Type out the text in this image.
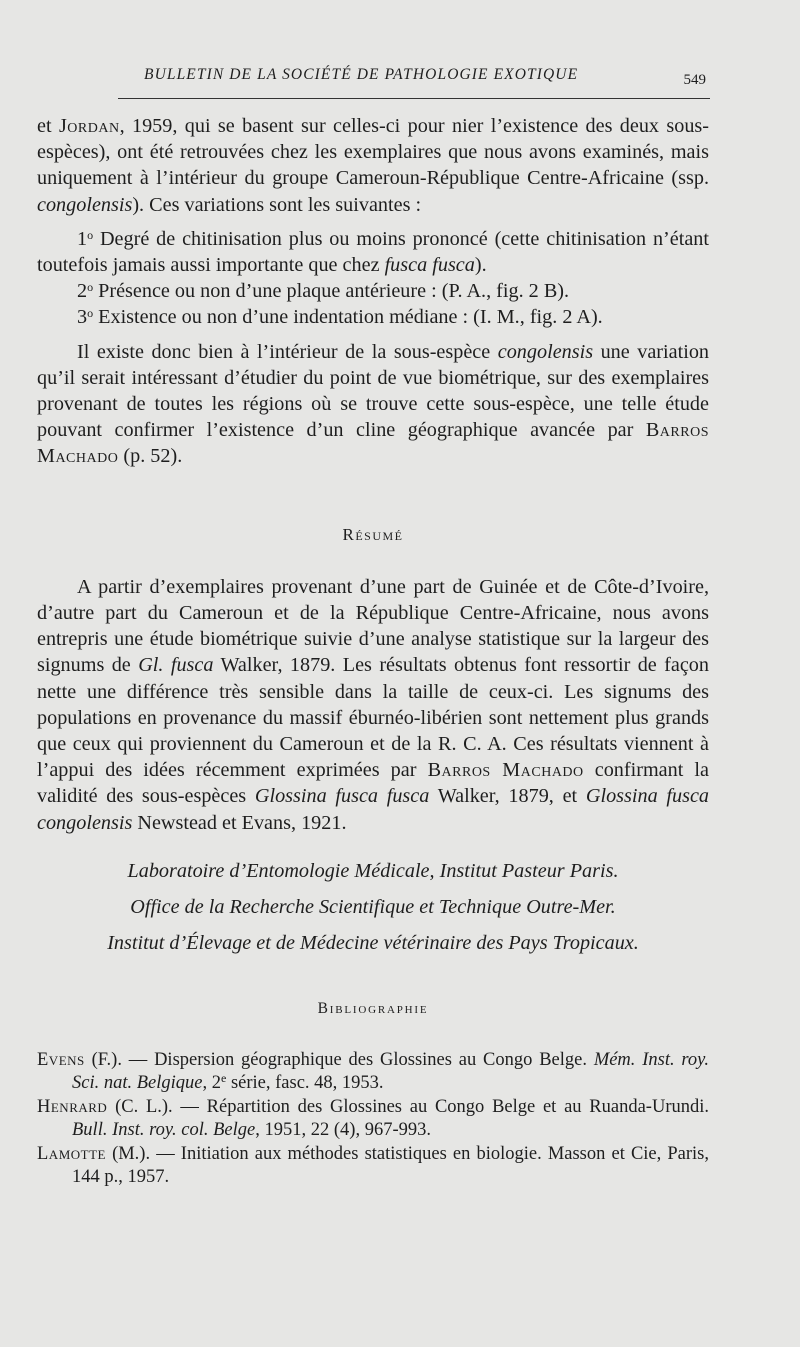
BULLETIN DE LA SOCIÉTÉ DE PATHOLOGIE EXOTIQUE	549

et Jordan, 1959, qui se basent sur celles-ci pour nier l’existence des deux sous-espèces), ont été retrouvées chez les exemplaires que nous avons examinés, mais uniquement à l’intérieur du groupe Cameroun-République Centre-Africaine (ssp. congolensis). Ces variations sont les suivantes :

1$^o$ Degré de chitinisation plus ou moins prononcé (cette chitinisation n’étant toutefois jamais aussi importante que chez fusca fusca).

2$^o$ Présence ou non d’une plaque antérieure : (P. A., fig. 2 B).

3$^o$ Existence ou non d’une indentation médiane : (I. M., fig. 2 A).

Il existe donc bien à l’intérieur de la sous-espèce congolensis une variation qu’il serait intéressant d’étudier du point de vue biométrique, sur des exemplaires provenant de toutes les régions où se trouve cette sous-espèce, une telle étude pouvant confirmer l’existence d’un cline géographique avancée par Barros Machado (p. 52).

Résumé

A partir d’exemplaires provenant d’une part de Guinée et de Côte-d’Ivoire, d’autre part du Cameroun et de la République Centre-Africaine, nous avons entrepris une étude biométrique suivie d’une analyse statistique sur la largeur des signums de Gl. fusca Walker, 1879. Les résultats obtenus font ressortir de façon nette une différence très sensible dans la taille de ceux-ci. Les signums des populations en provenance du massif éburnéo-libérien sont nettement plus grands que ceux qui proviennent du Cameroun et de la R. C. A. Ces résultats viennent à l’appui des idées récemment exprimées par Barros Machado confirmant la validité des sous-espèces Glossina fusca fusca Walker, 1879, et Glossina fusca congolensis Newstead et Evans, 1921.

Laboratoire d’Entomologie Médicale, Institut Pasteur Paris.

Office de la Recherche Scientifique et Technique Outre-Mer.

Institut d’Élevage et de Médecine vétérinaire des Pays Tropicaux.

Bibliographie

Evens (F.). — Dispersion géographique des Glossines au Congo Belge. Mém. Inst. roy. Sci. nat. Belgique, 2e série, fasc. 48, 1953.

Henrard (C. L.). — Répartition des Glossines au Congo Belge et au Ruanda-Urundi. Bull. Inst. roy. col. Belge, 1951, 22 (4), 967-993.

Lamotte (M.). — Initiation aux méthodes statistiques en biologie. Masson et Cie, Paris, 144 p., 1957.
